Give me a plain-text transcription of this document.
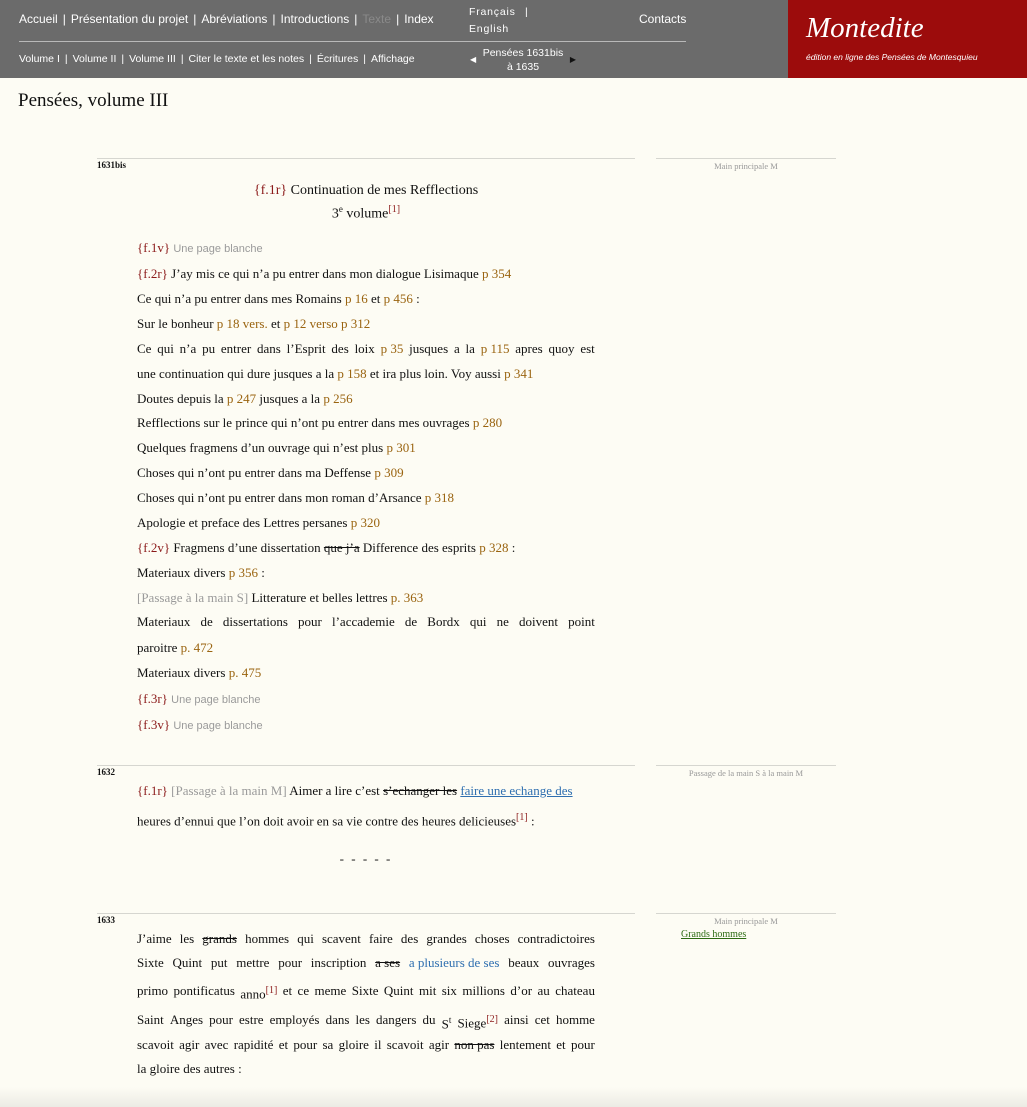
Accueil | Présentation du projet | Abréviations | Introductions | Texte | Index	Français |
English
Contacts
Volume I | Volume II | Volume III | Citer le texte et les notes | Écritures | Affichage	◀
Pensées 1631bis
à 1635
▶
Montedite
édition en ligne des Pensées de Montesquieu
Pensées, volume III
1631bis	Main principale M
{f.1r} Continuation de mes Refflections
3e volume[1]
{f.1v} Une page blanche
{f.2r} J’ay mis ce qui n’a pu entrer dans mon dialogue Lisimaque p 354
Ce qui n’a pu entrer dans mes Romains p 16 et p 456 :
Sur le bonheur p 18 vers. et p 12 verso p 312
Ce qui n’a pu entrer dans l’Esprit des loix p 35 jusques a la p 115 apres quoy est
une continuation qui dure jusques a la p 158 et ira plus loin. Voy aussi p 341
Doutes depuis la p 247 jusques a la p 256
Refflections sur le prince qui n’ont pu entrer dans mes ouvrages p 280
Quelques fragmens d’un ouvrage qui n’est plus p 301
Choses qui n’ont pu entrer dans ma Deffense p 309
Choses qui n’ont pu entrer dans mon roman d’Arsance p 318
Apologie et preface des Lettres persanes p 320
{f.2v} Fragmens d’une dissertation que j’a Difference des esprits p 328 :
Materiaux divers p 356 :
[Passage à la main S] Litterature et belles lettres p. 363
Materiaux de dissertations pour l’accademie de Bordx qui ne doivent point
paroitre p. 472
Materiaux divers p. 475
{f.3r} Une page blanche
{f.3v} Une page blanche
1632	Passage de la main S à la main M
{f.1r} [Passage à la main M] Aimer a lire c’est s’echanger les faire une echange des
heures d’ennui que l’on doit avoir en sa vie contre des heures delicieuses[1] :
- - - - -
1633	Main principale M
Grands hommes
J’aime les grands hommes qui scavent faire des grandes choses contradictoires
Sixte Quint put mettre pour inscription a ses a plusieurs de ses beaux ouvrages
primo pontificatus anno[1] et ce meme Sixte Quint mit six millions d’or au chateau
Saint Anges pour estre employés dans les dangers du $S^t$ Siege[2] ainsi cet homme
scavoit agir avec rapidité et pour sa gloire il scavoit agir non pas lentement et pour
la gloire des autres :
